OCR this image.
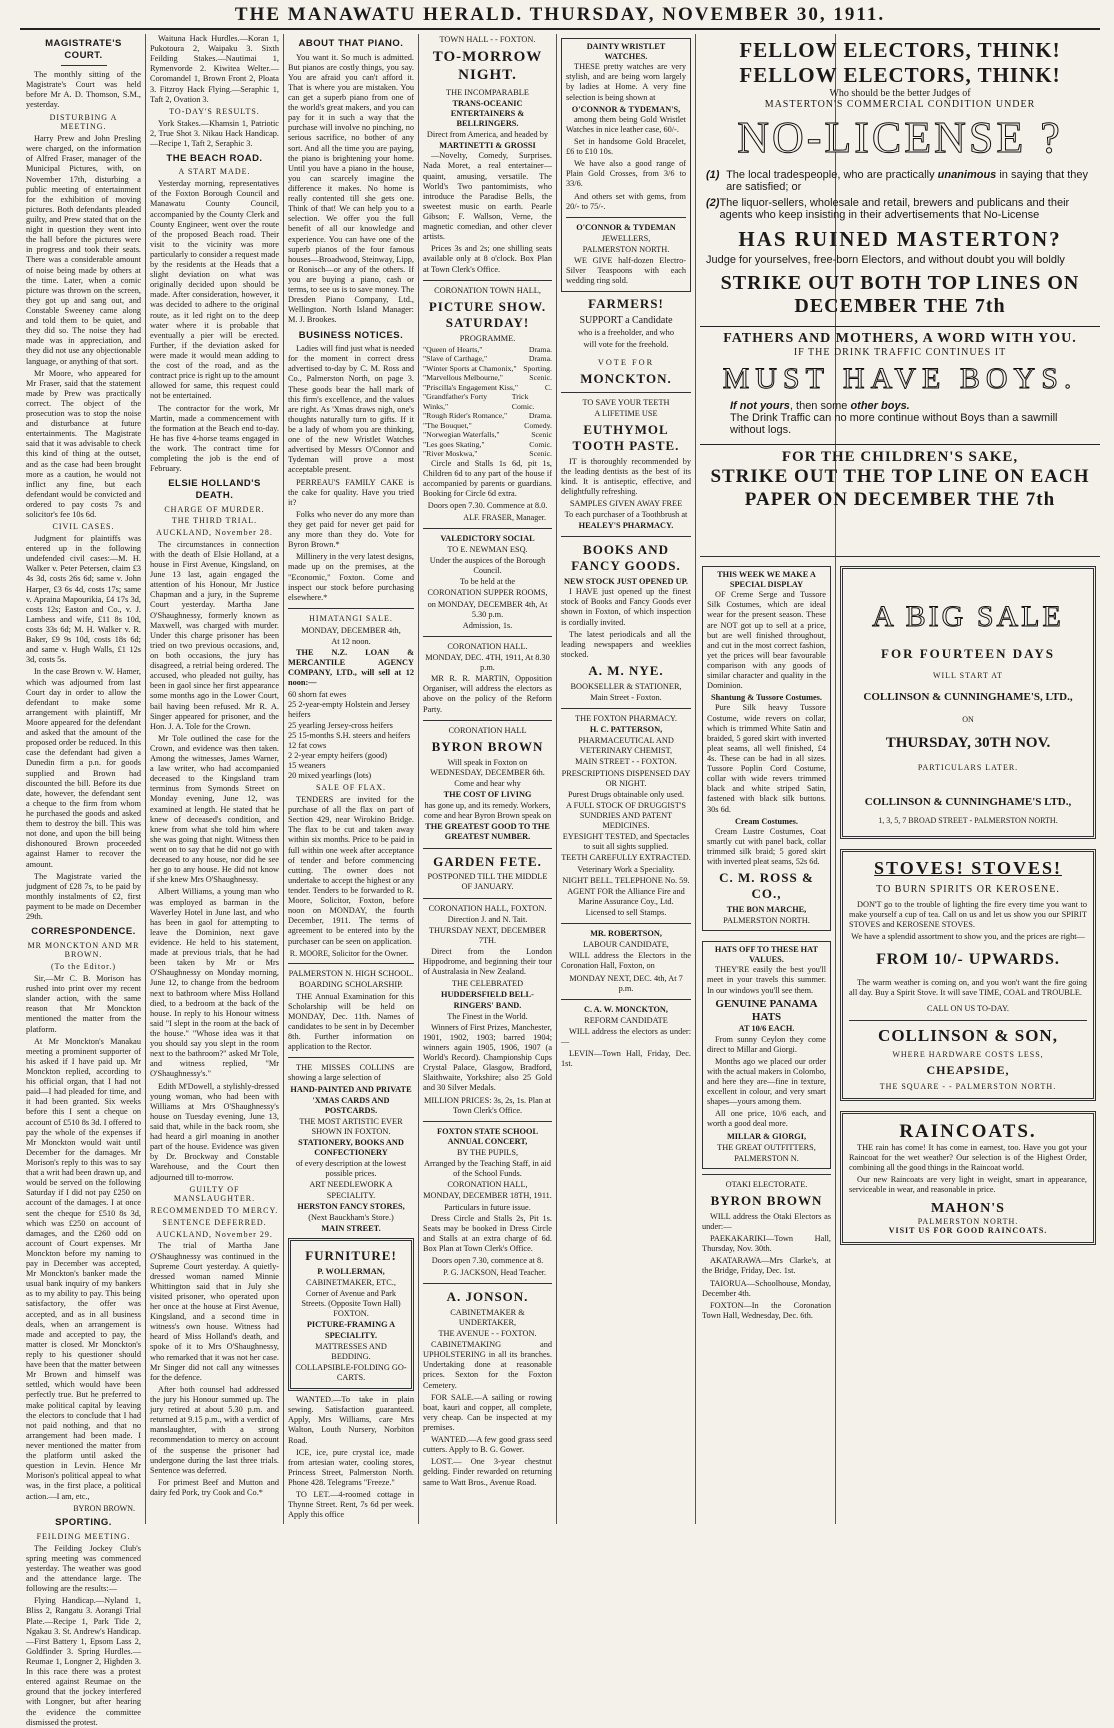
THE MANAWATU HERALD. THURSDAY, NOVEMBER 30, 1911.
MAGISTRATE'S COURT.

The monthly sitting of the Magistrate's Court was held before Mr A. D. Thomson, S.M., yesterday.

DISTURBING A MEETING.

Harry Prew and John Presling were charged, on the information of Alfred Fraser, manager of the Municipal Pictures, with, on November 17th, disturbing a public meeting of entertainment for the exhibition of moving pictures. Both defendants pleaded guilty, and Prew stated that on the night in question they went into the hall before the pictures were in progress and took their seats. There was a considerable amount of noise being made by others at the time. Later, when a comic picture was thrown on the screen, they got up and sang out, and Constable Sweeney came along and told them to be quiet, and they did so. The noise they had made was in appreciation, and they did not use any objectionable language, or anything of that sort.

Mr Moore, who appeared for Mr Fraser, said that the statement made by Prew was practically correct. The object of the prosecution was to stop the noise and disturbance at future entertainments. The Magistrate said that it was advisable to check this kind of thing at the outset, and as the case had been brought more as a caution, he would not inflict any fine, but each defendant would be convicted and ordered to pay costs 7s and solicitor's fee 10s 6d.

CIVIL CASES.

Judgment for plaintiffs was entered up in the following undefended civil cases:—M. H. Walker v. Peter Petersen, claim £3 4s 3d, costs 26s 6d; same v. John Harper, £3 6s 4d, costs 17s; same v. Apraina Mapourikia, £4 17s 3d, costs 12s; Easton and Co., v. J. Lambess and wife, £11 8s 10d, costs 33s 6d; M. H. Walker v. R. Baker, £9 9s 10d, costs 18s 6d; and same v. Hugh Walls, £1 12s 3d, costs 5s.

In the case Brown v. W. Hamer, which was adjourned from last Court day in order to allow the defendant to make some arrangement with plaintiff, Mr Moore appeared for the defendant and asked that the amount of the proposed order be reduced. In this case the defendant had given a Dunedin firm a p.n. for goods supplied and Brown had discounted the bill. Before its due date, however, the defendant sent a cheque to the firm from whom he purchased the goods and asked them to destroy the bill. This was not done, and upon the bill being dishonoured Brown proceeded against Hamer to recover the amount.

The Magistrate varied the judgment of £28 7s, to be paid by monthly instalments of £2, first payment to be made on December 29th.

CORRESPONDENCE.
MR MONCKTON AND MR BROWN.
(To the Editor.)

Sir,—Mr C. B. Morison has rushed into print over my recent slander action, with the same reason that Mr Monckton mentioned the matter from the platform.

At Mr Monckton's Manakau meeting a prominent supporter of his asked if I have paid up. Mr Monckton replied, according to his official organ, that I had not paid—I had pleaded for time, and it had been granted. Six weeks before this I sent a cheque on account of £510 8s 3d. I offered to pay the whole of the expenses if Mr Monckton would wait until December for the damages. Mr Morison's reply to this was to say that a writ had been drawn up, and would be served on the following Saturday if I did not pay £250 on account of the damages. I at once sent the cheque for £510 8s 3d, which was £250 on account of damages, and the £260 odd on account of Court expenses. Mr Monckton before my naming to pay in December was accepted, Mr Monckton's banker made the usual bank inquiry of my bankers as to my ability to pay. This being satisfactory, the offer was accepted, and as in all business deals, when an arrangement is made and accepted to pay, the matter is closed. Mr Monckton's reply to his questioner should have been that the matter between Mr Brown and himself was settled, which would have been perfectly true. But he preferred to make political capital by leaving the electors to conclude that I had not paid nothing, and that no arrangement had been made. I never mentioned the matter from the platform until asked the question in Levin. Hence Mr Morison's political appeal to what was, in the first place, a political action.—I am, etc.,

BYRON BROWN.
SPORTING.
FEILDING MEETING.

The Feilding Jockey Club's spring meeting was commenced yesterday. The weather was good and the attendance large. The following are the results:—

Flying Handicap.—Nyland 1, Bliss 2, Rangatu 3. Aorangi Trial Plate.—Recipe 1, Park Tide 2, Ngakau 3. St. Andrew's Handicap.—First Battery 1, Epsom Lass 2, Goldfinder 3. Spring Hurdles.—Reumae 1, Longner 2, Highden 3. In this race there was a protest entered against Reumae on the ground that the jockey interfered with Longner, but after hearing the evidence the committee dismissed the protest.

Waituna Hack Hurdles.—Koran 1, Pukotoura 2, Waipaku 3. Sixth Feilding Stakes.—Nautimai 1, Rymenvorde 2. Kiwitea Welter.—Coromandel 1, Brown Front 2, Ploata 3. Fitzroy Hack Flying.—Seraphic 1, Taft 2, Ovation 3.

TO-DAY'S RESULTS.

York Stakes.—Khamsin 1, Patriotic 2, True Shot 3. Nikau Hack Handicap.—Recipe 1, Taft 2, Seraphic 3.

THE BEACH ROAD.
A START MADE.

Yesterday morning, representatives of the Foxton Borough Council and Manawatu County Council, accompanied by the County Clerk and County Engineer, went over the route of the proposed Beach road. Their visit to the vicinity was more particularly to consider a request made by the residents at the Heads that a slight deviation on what was originally decided upon should be made. After consideration, however, it was decided to adhere to the original route, as it led right on to the deep water where it is probable that eventually a pier will be erected. Further, if the deviation asked for were made it would mean adding to the cost of the road, and as the contract price is right up to the amount allowed for same, this request could not be entertained.

The contractor for the work, Mr Martin, made a commencement with the formation at the Beach end to-day. He has five 4-horse teams engaged in the work. The contract time for completing the job is the end of February.

ELSIE HOLLAND'S DEATH.
CHARGE OF MURDER.
THE THIRD TRIAL.
AUCKLAND, November 28.

The circumstances in connection with the death of Elsie Holland, at a house in First Avenue, Kingsland, on June 13 last, again engaged the attention of his Honour, Mr Justice Chapman and a jury, in the Supreme Court yesterday. Martha Jane O'Shaughnessy, formerly known as Maxwell, was charged with murder. Under this charge prisoner has been tried on two previous occasions, and, on both occasions, the jury has disagreed, a retrial being ordered. The accused, who pleaded not guilty, has been in gaol since her first appearance some months ago in the Lower Court, bail having been refused. Mr R. A. Singer appeared for prisoner, and the Hon. J. A. Tole for the Crown.

Mr Tole outlined the case for the Crown, and evidence was then taken. Among the witnesses, James Warner, a law writer, who had accompanied deceased to the Kingsland tram terminus from Symonds Street on Monday evening, June 12, was examined at length. He stated that he knew of deceased's condition, and knew from what she told him where she was going that night. Witness then went on to say that he did not go with deceased to any house, nor did he see her go to any house. He did not know if she knew Mrs O'Shaughnessy.

Albert Williams, a young man who was employed as barman in the Waverley Hotel in June last, and who has been in gaol for attempting to leave the Dominion, next gave evidence. He held to his statement, made at previous trials, that he had been taken by Mr or Mrs O'Shaughnessy on Monday morning, June 12, to change from the bedroom next to bathroom where Miss Holland died, to a bedroom at the back of the house. In reply to his Honour witness said "I slept in the room at the back of the house." "Whose idea was it that you should say you slept in the room next to the bathroom?" asked Mr Tole, and witness replied, "Mr O'Shaughnessy's."

Edith M'Dowell, a stylishly-dressed young woman, who had been with Williams at Mrs O'Shaughnessy's house on Tuesday evening, June 13, said that, while in the back room, she had heard a girl moaning in another part of the house. Evidence was given by Dr. Brockway and Constable Warehouse, and the Court then adjourned till to-morrow.

GUILTY OF MANSLAUGHTER.
RECOMMENDED TO MERCY.
SENTENCE DEFERRED.
AUCKLAND, November 29.

The trial of Martha Jane O'Shaughnessy was continued in the Supreme Court yesterday. A quietly-dressed woman named Minnie Whittington said that in July she visited prisoner, who operated upon her once at the house at First Avenue, Kingsland, and a second time in witness's own house. Witness had heard of Miss Holland's death, and spoke of it to Mrs O'Shaughnessy, who remarked that it was not her case. Mr Singer did not call any witnesses for the defence.

After both counsel had addressed the jury his Honour summed up. The jury retired at about 5.30 p.m. and returned at 9.15 p.m., with a verdict of manslaughter, with a strong recommendation to mercy on account of the suspense the prisoner had undergone during the last three trials. Sentence was deferred.

For primest Beef and Mutton and dairy fed Pork, try Cook and Co.*

ABOUT THAT PIANO.

You want it. So much is admitted. But pianos are costly things, you say. You are afraid you can't afford it. That is where you are mistaken. You can get a superb piano from one of the world's great makers, and you can pay for it in such a way that the purchase will involve no pinching, no serious sacrifice, no bother of any sort. And all the time you are paying, the piano is brightening your home. Until you have a piano in the house, you can scarcely imagine the difference it makes. No home is really contented till she gets one. Think of that! We can help you to a selection. We offer you the full benefit of all our knowledge and experience. You can have one of the superb pianos of the four famous houses—Broadwood, Steinway, Lipp, or Ronisch—or any of the others. If you are buying a piano, cash or terms, to see us is to save money. The Dresden Piano Company, Ltd., Wellington. North Island Manager: M. J. Brookes.

BUSINESS NOTICES.

Ladies will find just what is needed for the moment in correct dress advertised to-day by C. M. Ross and Co., Palmerston North, on page 3. These goods bear the hall mark of this firm's excellence, and the values are right. As 'Xmas draws nigh, one's thoughts naturally turn to gifts. If it be a lady of whom you are thinking, one of the new Wristlet Watches advertised by Messrs O'Connor and Tydeman will prove a most acceptable present.

PERREAU'S FAMILY CAKE is the cake for quality. Have you tried it?

Folks who never do any more than they get paid for never get paid for any more than they do. Vote for Byron Brown.*

Millinery in the very latest designs, made up on the premises, at the "Economic," Foxton. Come and inspect our stock before purchasing elsewhere.*

HIMATANGI SALE.
MONDAY, DECEMBER 4th,
At 12 noon.

THE N.Z. LOAN & MERCANTILE AGENCY COMPANY, LTD., will sell at 12 noon:—

60 shorn fat ewes
25 2-year-empty Holstein and Jersey heifers
25 yearling Jersey-cross heifers
25 15-months S.H. steers and heifers
12 fat cows
2 2-year empty heifers (good)
15 weaners
20 mixed yearlings (lots)
SALE OF FLAX.

TENDERS are invited for the purchase of all the flax on part of Section 429, near Wirokino Bridge. The flax to be cut and taken away within six months. Price to be paid in full within one week after acceptance of tender and before commencing cutting. The owner does not undertake to accept the highest or any tender. Tenders to be forwarded to R. Moore, Solicitor, Foxton, before noon on MONDAY, the fourth December, 1911. The terms of agreement to be entered into by the purchaser can be seen on application.

R. MOORE, Solicitor for the Owner.
PALMERSTON N. HIGH SCHOOL.
BOARDING SCHOLARSHIP.

THE Annual Examination for this Scholarship will be held on MONDAY, Dec. 11th. Names of candidates to be sent in by December 8th. Further information on application to the Rector.

THE MISSES COLLINS are showing a large selection of

HAND-PAINTED AND PRIVATE 'XMAS CARDS AND POSTCARDS.
THE MOST ARTISTIC EVER SHOWN IN FOXTON.
STATIONERY, BOOKS AND CONFECTIONERY
of every description at the lowest possible prices.
ART NEEDLEWORK A SPECIALITY.
HERSTON FANCY STORES,
(Next Bauckham's Store.)
MAIN STREET.
FURNITURE!
P. WOLLERMAN,
CABINETMAKER, ETC.,
Corner of Avenue and Park Streets. (Opposite Town Hall) FOXTON.
PICTURE-FRAMING A SPECIALITY.
MATTRESSES AND BEDDING.
COLLAPSIBLE-FOLDING GO-CARTS.

WANTED.—To take in plain sewing. Satisfaction guaranteed. Apply, Mrs Williams, care Mrs Walton, Louth Nursery, Norbiton Road.

ICE, ice, pure crystal ice, made from artesian water, cooling stores, Princess Street, Palmerston North. Phone 428. Telegrams "Freeze."

TO LET.—4-roomed cottage in Thynne Street. Rent, 7s 6d per week. Apply this office

TOWN HALL - - FOXTON.
TO-MORROW NIGHT.
THE INCOMPARABLE
TRANS-OCEANIC ENTERTAINERS & BELLRINGERS.
Direct from America, and headed by
MARTINETTI & GROSSI

—Novelty, Comedy, Surprises. Nada Moret, a real entertainer—quaint, amusing, versatile. The World's Two pantomimists, who introduce the Paradise Bells, the sweetest music on earth. Pearle Gibson; F. Wallson, Verne, the magnetic comedian, and other clever artists.

Prices 3s and 2s; one shilling seats available only at 8 o'clock. Box Plan at Town Clerk's Office.

CORONATION TOWN HALL,
PICTURE SHOW. SATURDAY!
PROGRAMME.
"Queen of Hearts,"	Drama.
"Slave of Carthage,"	Drama.
"Winter Sports at Chamonix," Sporting.
"Marvellous Melbourne,"	Scenic.
"Priscilla's Engagement Kiss,"	C.
"Grandfather's Forty Winks,"
Trick Comic.
"Rough Rider's Romance,"	Drama.
"The Bouquet,"	Comedy.
"Norwegian Waterfalls,"	Scenic
"Les goes Skating,"	Comic.
"River Moskwa,"	Scenic.

Circle and Stalls 1s 6d, pit 1s, Children 6d to any part of the house if accompanied by parents or guardians. Booking for Circle 6d extra.

Doors open 7.30. Commence at 8.0.
ALF. FRASER, Manager.
VALEDICTORY SOCIAL
TO E. NEWMAN ESQ.
Under the auspices of the Borough Council.
To be held at the
CORONATION SUPPER ROOMS,
on MONDAY, DECEMBER 4th, At 5.30 p.m.
Admission, 1s.
CORONATION HALL.
MONDAY, DEC. 4TH, 1911, At 8.30 p.m.

MR R. R. MARTIN, Opposition Organiser, will address the electors as above on the policy of the Reform Party.

CORONATION HALL
BYRON BROWN
Will speak in Foxton on WEDNESDAY, DECEMBER 6th.
Come and hear why
THE COST OF LIVING
has gone up, and its remedy. Workers, come and hear Byron Brown speak on
THE GREATEST GOOD TO THE GREATEST NUMBER.
GARDEN FETE.
POSTPONED TILL THE MIDDLE OF JANUARY.
CORONATION HALL, FOXTON.
Direction J. and N. Tait.
THURSDAY NEXT, DECEMBER 7TH.

Direct from the London Hippodrome, and beginning their tour of Australasia in New Zealand.

THE CELEBRATED
HUDDERSFIELD BELL-RINGERS' BAND.
The Finest in the World.

Winners of First Prizes, Manchester, 1901, 1902, 1903; barred 1904; winners again 1905, 1906, 1907 (a World's Record). Championship Cups Crystal Palace, Glasgow, Bradford, Slaithwaite, Yorkshire; also 25 Gold and 30 Silver Medals.

MILLION PRICES: 3s, 2s, 1s. Plan at Town Clerk's Office.
FOXTON STATE SCHOOL
ANNUAL CONCERT,
BY THE PUPILS,
Arranged by the Teaching Staff, in aid of the School Funds.
CORONATION HALL,
MONDAY, DECEMBER 18TH, 1911.
Particulars in future issue.

Dress Circle and Stalls 2s, Pit 1s. Seats may be booked in Dress Circle and Stalls at an extra charge of 6d. Box Plan at Town Clerk's Office.

Doors open 7.30, commence at 8.
P. G. JACKSON, Head Teacher.
A. JONSON.
CABINETMAKER & UNDERTAKER,
THE AVENUE - - FOXTON.

CABINETMAKING and UPHOLSTERING in all its branches. Undertaking done at reasonable prices. Sexton for the Foxton Cemetery.

FOR SALE.—A sailing or rowing boat, kauri and copper, all complete, very cheap. Can be inspected at my premises.

WANTED.—A few good grass seed cutters. Apply to B. G. Gower.

LOST.— One 3-year chestnut gelding. Finder rewarded on returning same to Watt Bros., Avenue Road.

DAINTY WRISTLET WATCHES.

THESE pretty watches are very stylish, and are being worn largely by ladies at Home. A very fine selection is being shown at

O'CONNOR & TYDEMAN'S,

among them being Gold Wristlet Watches in nice leather case, 60/-.

Set in handsome Gold Bracelet, £6 to £10 10s.

We have also a good range of Plain Gold Crosses, from 3/6 to 33/6.

And others set with gems, from 20/- to 75/-.

O'CONNOR & TYDEMAN
JEWELLERS,
PALMERSTON NORTH.

WE GIVE half-dozen Electro-Silver Teaspoons with each wedding ring sold.

FARMERS!
SUPPORT a Candidate
who is a freeholder, and who
will vote for the freehold.
VOTE FOR
MONCKTON.
TO SAVE YOUR TEETH
A LIFETIME USE
EUTHYMOL TOOTH PASTE.

IT is thoroughly recommended by the leading dentists as the best of its kind. It is antiseptic, effective, and delightfully refreshing.

SAMPLES GIVEN AWAY FREE
To each purchaser of a Toothbrush at
HEALEY'S PHARMACY.
BOOKS AND FANCY GOODS.
NEW STOCK JUST OPENED UP.

I HAVE just opened up the finest stock of Books and Fancy Goods ever shown in Foxton, of which inspection is cordially invited.

The latest periodicals and all the leading newspapers and weeklies stocked.

A. M. NYE.
BOOKSELLER & STATIONER,
Main Street - Foxton.
THE FOXTON PHARMACY.
H. C. PATTERSON,
PHARMACEUTICAL AND VETERINARY CHEMIST,
MAIN STREET - - FOXTON.
PRESCRIPTIONS DISPENSED DAY OR NIGHT.
Purest Drugs obtainable only used.
A FULL STOCK OF DRUGGIST'S SUNDRIES AND PATENT MEDICINES.
EYESIGHT TESTED, and Spectacles to suit all sights supplied.
TEETH CAREFULLY EXTRACTED.
Veterinary Work a Speciality.
NIGHT BELL. TELEPHONE No. 59.
AGENT FOR the Alliance Fire and Marine Assurance Coy., Ltd.
Licensed to sell Stamps.
MR. ROBERTSON,
LABOUR CANDIDATE,

WILL address the Electors in the Coronation Hall, Foxton, on

MONDAY NEXT, DEC. 4th, At 7 p.m.
C. A. W. MONCKTON,
REFORM CANDIDATE

WILL address the electors as under:—

LEVIN—Town Hall, Friday, Dec. 1st.

FELLOW ELECTORS, THINK!
FELLOW ELECTORS, THINK!
Who should be the better Judges of
MASTERTON'S COMMERCIAL CONDITION UNDER
NO-LICENSE ?
(1) The local tradespeople, who are practically unanimous in saying that they are satisfied; or
(2) The liquor-sellers, wholesale and retail, brewers and publicans and their agents who keep insisting in their advertisements that No-License
HAS RUINED MASTERTON?
Judge for yourselves, free-born Electors, and without doubt you will boldly
STRIKE OUT BOTH TOP LINES ON DECEMBER THE 7th
FATHERS AND MOTHERS, A WORD WITH YOU.
IF THE DRINK TRAFFIC CONTINUES IT
MUST HAVE BOYS.
If not yours, then some other boys.
The Drink Traffic can no more continue without Boys than a sawmill without logs.
FOR THE CHILDREN'S SAKE,
STRIKE OUT THE TOP LINE ON EACH PAPER ON DECEMBER THE 7th
THIS WEEK WE MAKE A SPECIAL DISPLAY

OF Creme Serge and Tussore Silk Costumes, which are ideal wear for the present season. These are NOT got up to sell at a price, but are well finished throughout, and cut in the most correct fashion, yet the prices will bear favourable comparison with any goods of similar character and quality in the Dominion.

Shantung & Tussore Costumes.

Pure Silk heavy Tussore Costume, wide revers on collar, which is trimmed White Satin and braided, 5 gored skirt with inverted pleat seams, all well finished, £4 4s. These can be had in all sizes. Tussore Poplin Cord Costume, collar with wide revers trimmed black and white striped Satin, fastened with black silk buttons. 30s 6d.

Cream Costumes.

Cream Lustre Costumes, Coat smartly cut with panel back, collar trimmed silk braid; 5 gored skirt with inverted pleat seams, 52s 6d.

C. M. ROSS & CO.,
THE BON MARCHE,
PALMERSTON NORTH.
HATS OFF TO THESE HAT VALUES.

THEY'RE easily the best you'll meet in your travels this summer. In our windows you'll see them.

GENUINE PANAMA HATS
AT 10/6 EACH.

From sunny Ceylon they come direct to Millar and Giorgi.

Months ago we placed our order with the actual makers in Colombo, and here they are—fine in texture, excellent in colour, and very smart shapes—yours among them.

All one price, 10/6 each, and worth a good deal more.

MILLAR & GIORGI,
THE GREAT OUTFITTERS,
PALMERSTON N.
OTAKI ELECTORATE.
BYRON BROWN

WILL address the Otaki Electors as under:—

PAEKAKARIKI—Town Hall, Thursday, Nov. 30th.

AKATARAWA—Mrs Clarke's, at the Bridge, Friday, Dec. 1st.

TAIORUA—Schoolhouse, Monday, December 4th.

FOXTON—In the Coronation Town Hall, Wednesday, Dec. 6th.

A BIG SALE
FOR FOURTEEN DAYS
WILL START AT
COLLINSON & CUNNINGHAME'S, LTD.,
ON
THURSDAY, 30TH NOV.
PARTICULARS LATER.
COLLINSON & CUNNINGHAME'S LTD.,
1, 3, 5, 7 BROAD STREET - PALMERSTON NORTH.
STOVES! STOVES!
TO BURN SPIRITS OR KEROSENE.

DON'T go to the trouble of lighting the fire every time you want to make yourself a cup of tea. Call on us and let us show you our SPIRIT STOVES and KEROSENE STOVES.

We have a splendid assortment to show you, and the prices are right—
FROM 10/- UPWARDS.

The warm weather is coming on, and you won't want the fire going all day. Buy a Spirit Stove. It will save TIME, COAL and TROUBLE.

CALL ON US TO-DAY.
COLLINSON & SON,
WHERE HARDWARE COSTS LESS,
CHEAPSIDE,
THE SQUARE - - PALMERSTON NORTH.
RAINCOATS.

THE rain has come! It has come in earnest, too. Have you got your Raincoat for the wet weather? Our selection is of the Highest Order, combining all the good things in the Raincoat world.

Our new Raincoats are very light in weight, smart in appearance, serviceable in wear, and reasonable in price.

MAHON'S
PALMERSTON NORTH.
VISIT US FOR GOOD RAINCOATS.
